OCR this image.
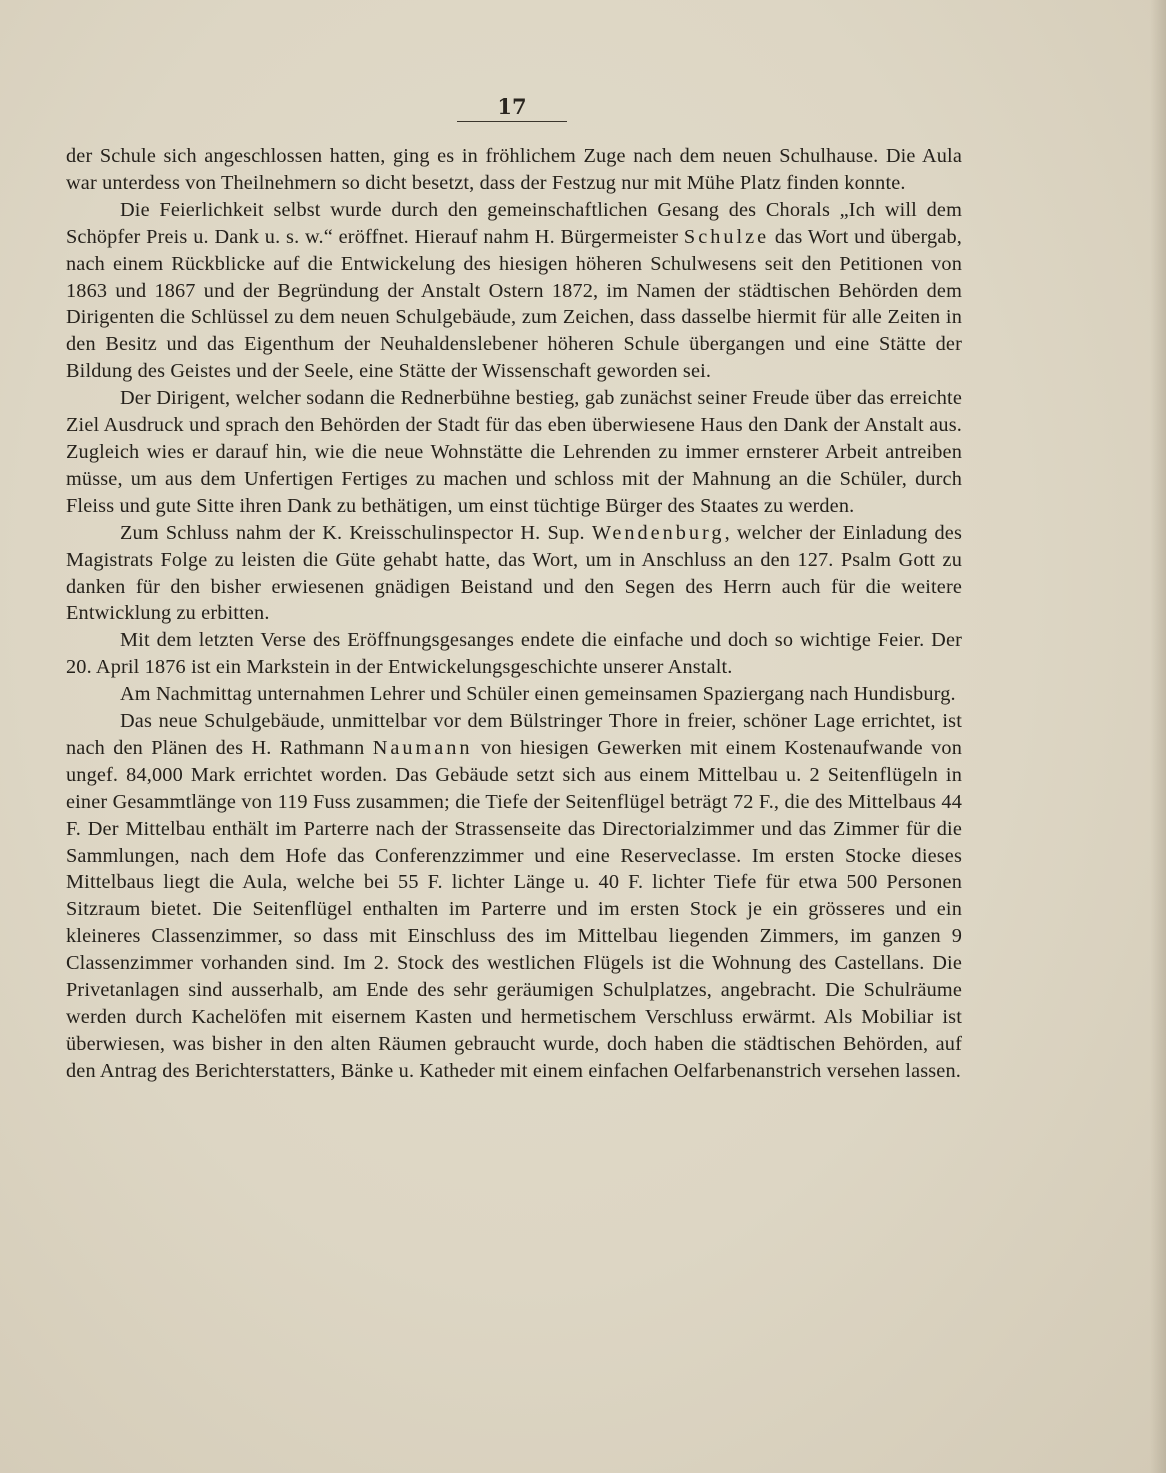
17

der Schule sich angeschlossen hatten, ging es in fröhlichem Zuge nach dem neuen Schulhause. Die Aula war unterdess von Theilnehmern so dicht besetzt, dass der Festzug nur mit Mühe Platz finden konnte.

Die Feierlichkeit selbst wurde durch den gemeinschaftlichen Gesang des Chorals „Ich will dem Schöpfer Preis u. Dank u. s. w.“ eröffnet. Hierauf nahm H. Bürgermeister Schulze das Wort und übergab, nach einem Rückblicke auf die Entwickelung des hiesigen höheren Schulwesens seit den Petitionen von 1863 und 1867 und der Begründung der Anstalt Ostern 1872, im Namen der städtischen Behörden dem Dirigenten die Schlüssel zu dem neuen Schulgebäude, zum Zeichen, dass dasselbe hiermit für alle Zeiten in den Besitz und das Eigenthum der Neuhaldenslebener höheren Schule übergangen und eine Stätte der Bildung des Geistes und der Seele, eine Stätte der Wissenschaft geworden sei.

Der Dirigent, welcher sodann die Rednerbühne bestieg, gab zunächst seiner Freude über das erreichte Ziel Ausdruck und sprach den Behörden der Stadt für das eben überwiesene Haus den Dank der Anstalt aus. Zugleich wies er darauf hin, wie die neue Wohnstätte die Lehrenden zu immer ernsterer Arbeit antreiben müsse, um aus dem Unfertigen Fertiges zu machen und schloss mit der Mahnung an die Schüler, durch Fleiss und gute Sitte ihren Dank zu bethätigen, um einst tüchtige Bürger des Staates zu werden.

Zum Schluss nahm der K. Kreisschulinspector H. Sup. Wendenburg, welcher der Einladung des Magistrats Folge zu leisten die Güte gehabt hatte, das Wort, um in Anschluss an den 127. Psalm Gott zu danken für den bisher erwiesenen gnädigen Beistand und den Segen des Herrn auch für die weitere Entwicklung zu erbitten.

Mit dem letzten Verse des Eröffnungsgesanges endete die einfache und doch so wichtige Feier. Der 20. April 1876 ist ein Markstein in der Entwickelungsgeschichte unserer Anstalt.

Am Nachmittag unternahmen Lehrer und Schüler einen gemeinsamen Spaziergang nach Hundisburg.

Das neue Schulgebäude, unmittelbar vor dem Bülstringer Thore in freier, schöner Lage errichtet, ist nach den Plänen des H. Rathmann Naumann von hiesigen Gewerken mit einem Kostenaufwande von ungef. 84,000 Mark errichtet worden. Das Gebäude setzt sich aus einem Mittelbau u. 2 Seitenflügeln in einer Gesammtlänge von 119 Fuss zusammen; die Tiefe der Seitenflügel beträgt 72 F., die des Mittelbaus 44 F. Der Mittelbau enthält im Parterre nach der Strassenseite das Directorialzimmer und das Zimmer für die Sammlungen, nach dem Hofe das Conferenzzimmer und eine Reserveclasse. Im ersten Stocke dieses Mittelbaus liegt die Aula, welche bei 55 F. lichter Länge u. 40 F. lichter Tiefe für etwa 500 Personen Sitzraum bietet. Die Seitenflügel enthalten im Parterre und im ersten Stock je ein grösseres und ein kleineres Classenzimmer, so dass mit Einschluss des im Mittelbau liegenden Zimmers, im ganzen 9 Classenzimmer vorhanden sind. Im 2. Stock des westlichen Flügels ist die Wohnung des Castellans. Die Privetanlagen sind ausserhalb, am Ende des sehr geräumigen Schulplatzes, angebracht. Die Schulräume werden durch Kachelöfen mit eisernem Kasten und hermetischem Verschluss erwärmt. Als Mobiliar ist überwiesen, was bisher in den alten Räumen gebraucht wurde, doch haben die städtischen Behörden, auf den Antrag des Berichterstatters, Bänke u. Katheder mit einem einfachen Oelfarbenanstrich versehen lassen.
